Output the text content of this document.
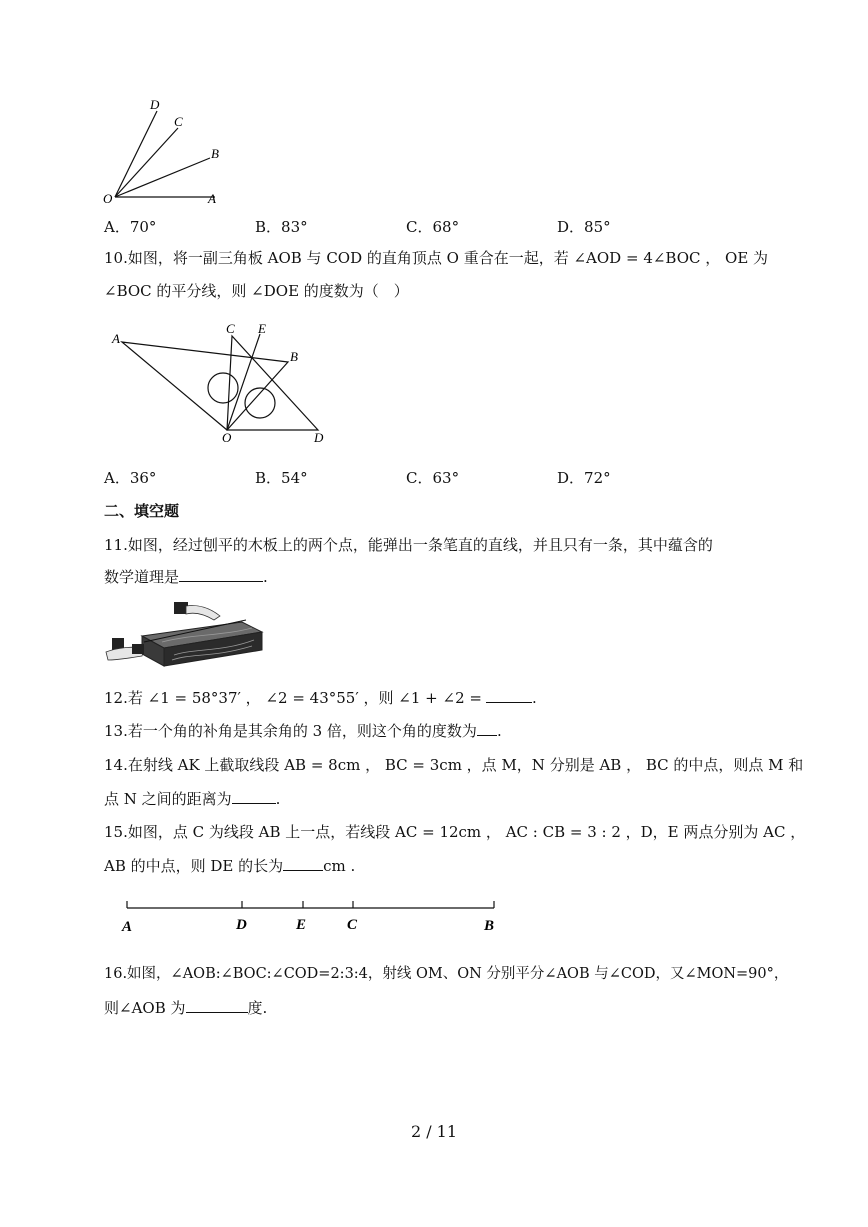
D
C
B
O	A
A．70°	B．83°	C．68°	D．85°
10.如图，将一副三角板 AOB 与 COD 的直角顶点 O 重合在一起，若 ∠AOD = 4∠BOC ， OE 为
∠BOC 的平分线，则 ∠DOE 的度数为（　）
A
C E
B
O	D
A．36°	B．54°	C．63°	D．72°
二、填空题
11.如图，经过刨平的木板上的两个点，能弹出一条笔直的直线，并且只有一条，其中蕴含的
数学道理是	.
12.若 ∠1 = 58°37′ ， ∠2 = 43°55′ ，则 ∠1 + ∠2 =	.
13.若一个角的补角是其余角的 3 倍，则这个角的度数为 .
14.在射线 AK 上截取线段 AB = 8cm ， BC = 3cm ，点 M，N 分别是 AB ， BC 的中点，则点 M 和
点 N 之间的距离为	.
15.如图，点 C 为线段 AB 上一点，若线段 AC = 12cm ， AC : CB = 3 : 2 ，D，E 两点分别为 AC ，
AB 的中点，则 DE 的长为	cm .
A	D	E	C	B
16.如图，∠AOB:∠BOC:∠COD=2:3:4，射线 OM、ON 分别平分∠AOB 与∠COD，又∠MON=90°，
则∠AOB 为	度.
2 / 11
